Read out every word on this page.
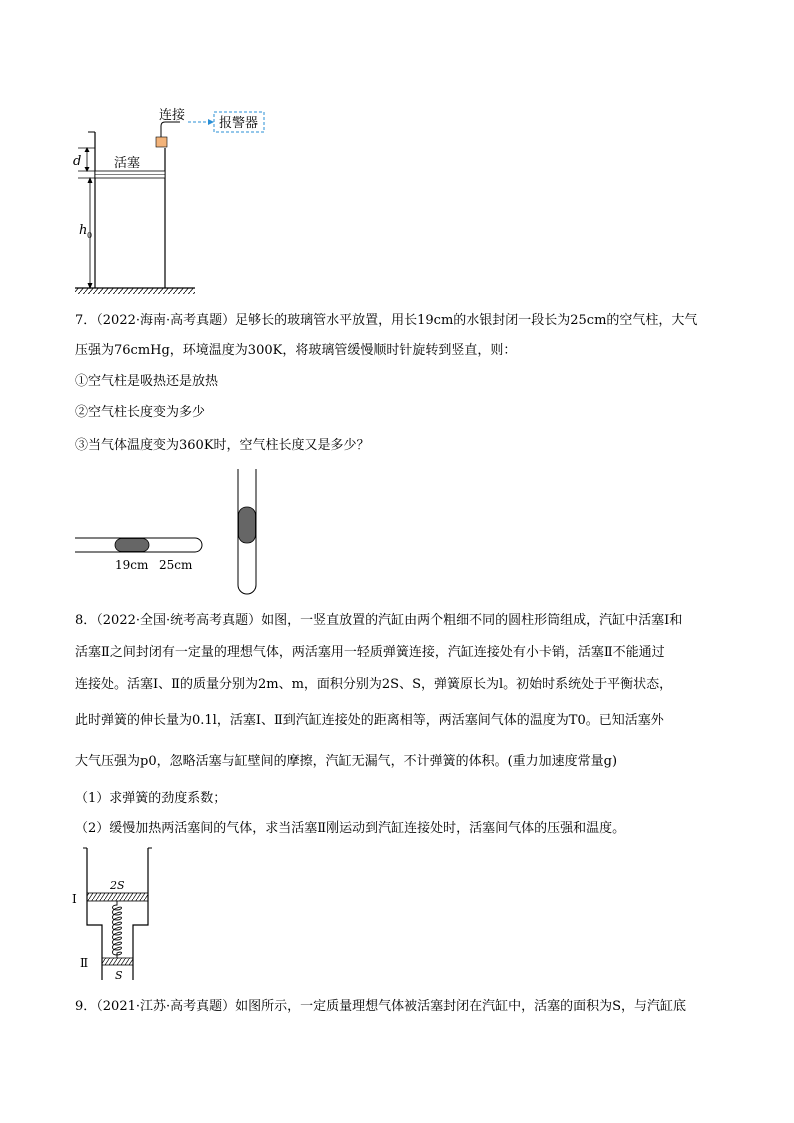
连接
报警器
活塞
d
h 0
7．（2022·海南·高考真题）足够长的玻璃管水平放置，用长19cm的水银封闭一段长为25cm的空气柱，大气
压强为76cmHg，环境温度为300K，将玻璃管缓慢顺时针旋转到竖直，则：
①空气柱是吸热还是放热
②空气柱长度变为多少
③当气体温度变为360K时，空气柱长度又是多少？
19cm 25cm
8．（2022·全国·统考高考真题）如图，一竖直放置的汽缸由两个粗细不同的圆柱形筒组成，汽缸中活塞Ⅰ和
活塞Ⅱ之间封闭有一定量的理想气体，两活塞用一轻质弹簧连接，汽缸连接处有小卡销，活塞Ⅱ不能通过
连接处。活塞Ⅰ、Ⅱ的质量分别为2m、m，面积分别为2S、S，弹簧原长为l。初始时系统处于平衡状态，
此时弹簧的伸长量为0.1l，活塞Ⅰ、Ⅱ到汽缸连接处的距离相等，两活塞间气体的温度为T0。已知活塞外
大气压强为p0，忽略活塞与缸壁间的摩擦，汽缸无漏气，不计弹簧的体积。(重力加速度常量g)
（1）求弹簧的劲度系数；
（2）缓慢加热两活塞间的气体，求当活塞Ⅱ刚运动到汽缸连接处时，活塞间气体的压强和温度。
2S
S
Ⅰ
Ⅱ
9．（2021·江苏·高考真题）如图所示，一定质量理想气体被活塞封闭在汽缸中，活塞的面积为S，与汽缸底
